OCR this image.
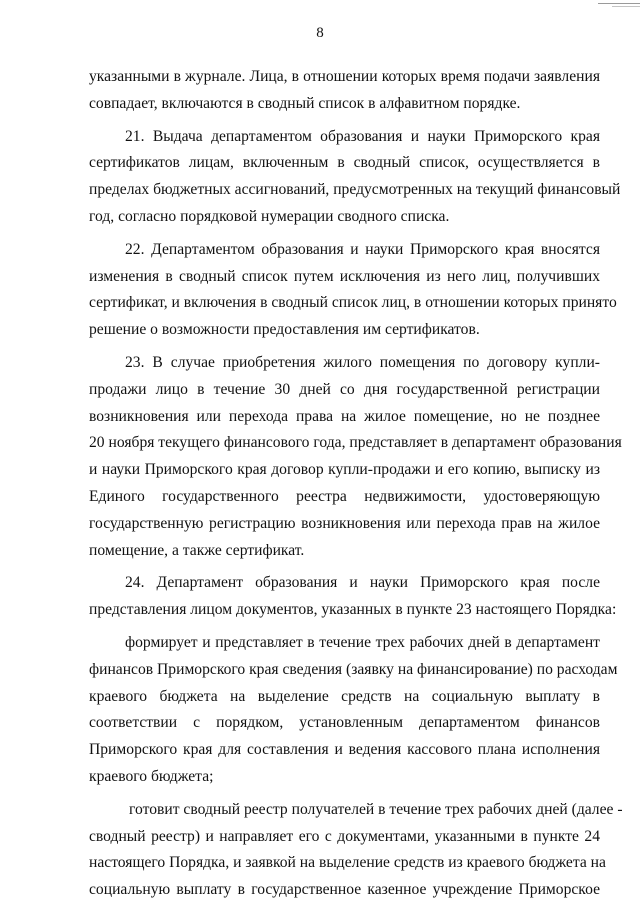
8
указанными в журнале. Лица, в отношении которых время подачи заявления
совпадает, включаются в сводный список в алфавитном порядке.
21. Выдача департаментом образования и науки Приморского края
сертификатов лицам, включенным в сводный список, осуществляется в
пределах бюджетных ассигнований, предусмотренных на текущий финансовый
год, согласно порядковой нумерации сводного списка.
22. Департаментом образования и науки Приморского края вносятся
изменения в сводный список путем исключения из него лиц, получивших
сертификат, и включения в сводный список лиц, в отношении которых принято
решение о возможности предоставления им сертификатов.
23. В случае приобретения жилого помещения по договору купли-
продажи лицо в течение 30 дней со дня государственной регистрации
возникновения или перехода права на жилое помещение, но не позднее
20 ноября текущего финансового года, представляет в департамент образования
и науки Приморского края договор купли-продажи и его копию, выписку из
Единого государственного реестра недвижимости, удостоверяющую
государственную регистрацию возникновения или перехода прав на жилое
помещение, а также сертификат.
24. Департамент образования и науки Приморского края после
представления лицом документов, указанных в пункте 23 настоящего Порядка:
формирует и представляет в течение трех рабочих дней в департамент
финансов Приморского края сведения (заявку на финансирование) по расходам
краевого бюджета на выделение средств на социальную выплату в
соответствии с порядком, установленным департаментом финансов
Приморского края для составления и ведения кассового плана исполнения
краевого бюджета;
готовит сводный реестр получателей в течение трех рабочих дней (далее -
сводный реестр) и направляет его с документами, указанными в пункте 24
настоящего Порядка, и заявкой на выделение средств из краевого бюджета на
социальную выплату в государственное казенное учреждение Приморское
